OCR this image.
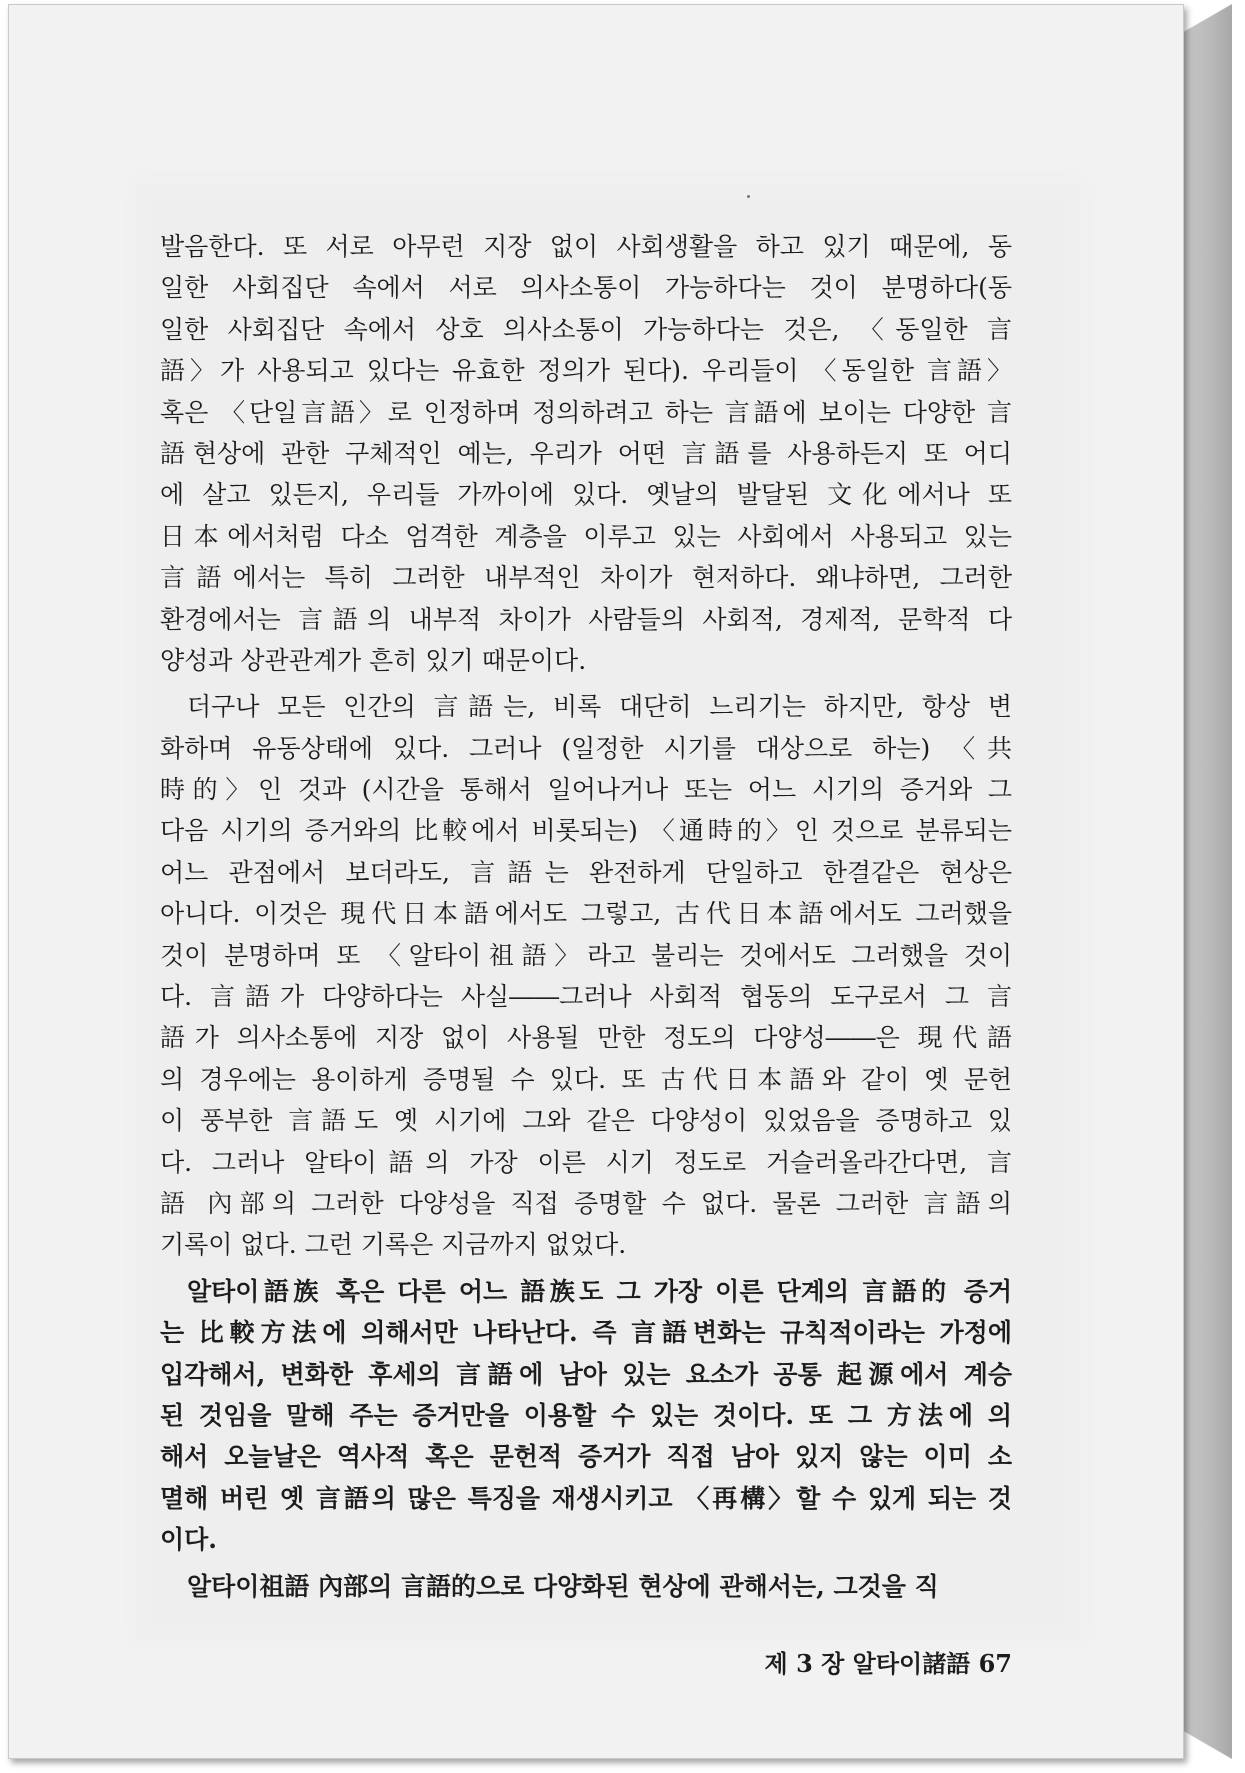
발음한다. 또 서로 아무런 지장 없이 사회생활을 하고 있기 때문에, 동
일한 사회집단 속에서 서로 의사소통이 가능하다는 것이 분명하다(동
일한 사회집단 속에서 상호 의사소통이 가능하다는 것은, 〈동일한 言
語〉가 사용되고 있다는 유효한 정의가 된다). 우리들이 〈동일한 言語〉
혹은 〈단일言語〉로 인정하며 정의하려고 하는 言語에 보이는 다양한 言
語현상에 관한 구체적인 예는, 우리가 어떤 言語를 사용하든지 또 어디
에 살고 있든지, 우리들 가까이에 있다. 옛날의 발달된 文化에서나 또
日本에서처럼 다소 엄격한 계층을 이루고 있는 사회에서 사용되고 있는
言語에서는 특히 그러한 내부적인 차이가 현저하다. 왜냐하면, 그러한
환경에서는 言語의 내부적 차이가 사람들의 사회적, 경제적, 문학적 다
양성과 상관관계가 흔히 있기 때문이다.
더구나 모든 인간의 言語는, 비록 대단히 느리기는 하지만, 항상 변
화하며 유동상태에 있다. 그러나 (일정한 시기를 대상으로 하는) 〈共
時的〉인 것과 (시간을 통해서 일어나거나 또는 어느 시기의 증거와 그
다음 시기의 증거와의 比較에서 비롯되는) 〈通時的〉인 것으로 분류되는
어느 관점에서 보더라도, 言語는 완전하게 단일하고 한결같은 현상은
아니다. 이것은 現代日本語에서도 그렇고, 古代日本語에서도 그러했을
것이 분명하며 또 〈알타이祖語〉라고 불리는 것에서도 그러했을 것이
다. 言語가 다양하다는 사실――그러나 사회적 협동의 도구로서 그 言
語가 의사소통에 지장 없이 사용될 만한 정도의 다양성――은 現代語
의 경우에는 용이하게 증명될 수 있다. 또 古代日本語와 같이 옛 문헌
이 풍부한 言語도 옛 시기에 그와 같은 다양성이 있었음을 증명하고 있
다. 그러나 알타이語의 가장 이른 시기 정도로 거슬러올라간다면, 言
語 內部의 그러한 다양성을 직접 증명할 수 없다. 물론 그러한 言語의
기록이 없다. 그런 기록은 지금까지 없었다.
알타이語族 혹은 다른 어느 語族도 그 가장 이른 단계의 言語的 증거
는 比較方法에 의해서만 나타난다. 즉 言語변화는 규칙적이라는 가정에
입각해서, 변화한 후세의 言語에 남아 있는 요소가 공통 起源에서 계승
된 것임을 말해 주는 증거만을 이용할 수 있는 것이다. 또 그 方法에 의
해서 오늘날은 역사적 혹은 문헌적 증거가 직접 남아 있지 않는 이미 소
멸해 버린 옛 言語의 많은 특징을 재생시키고 〈再構〉할 수 있게 되는 것
이다.
알타이祖語 內部의 言語的으로 다양화된 현상에 관해서는, 그것을 직
제 3 장 알타이諸語 67
